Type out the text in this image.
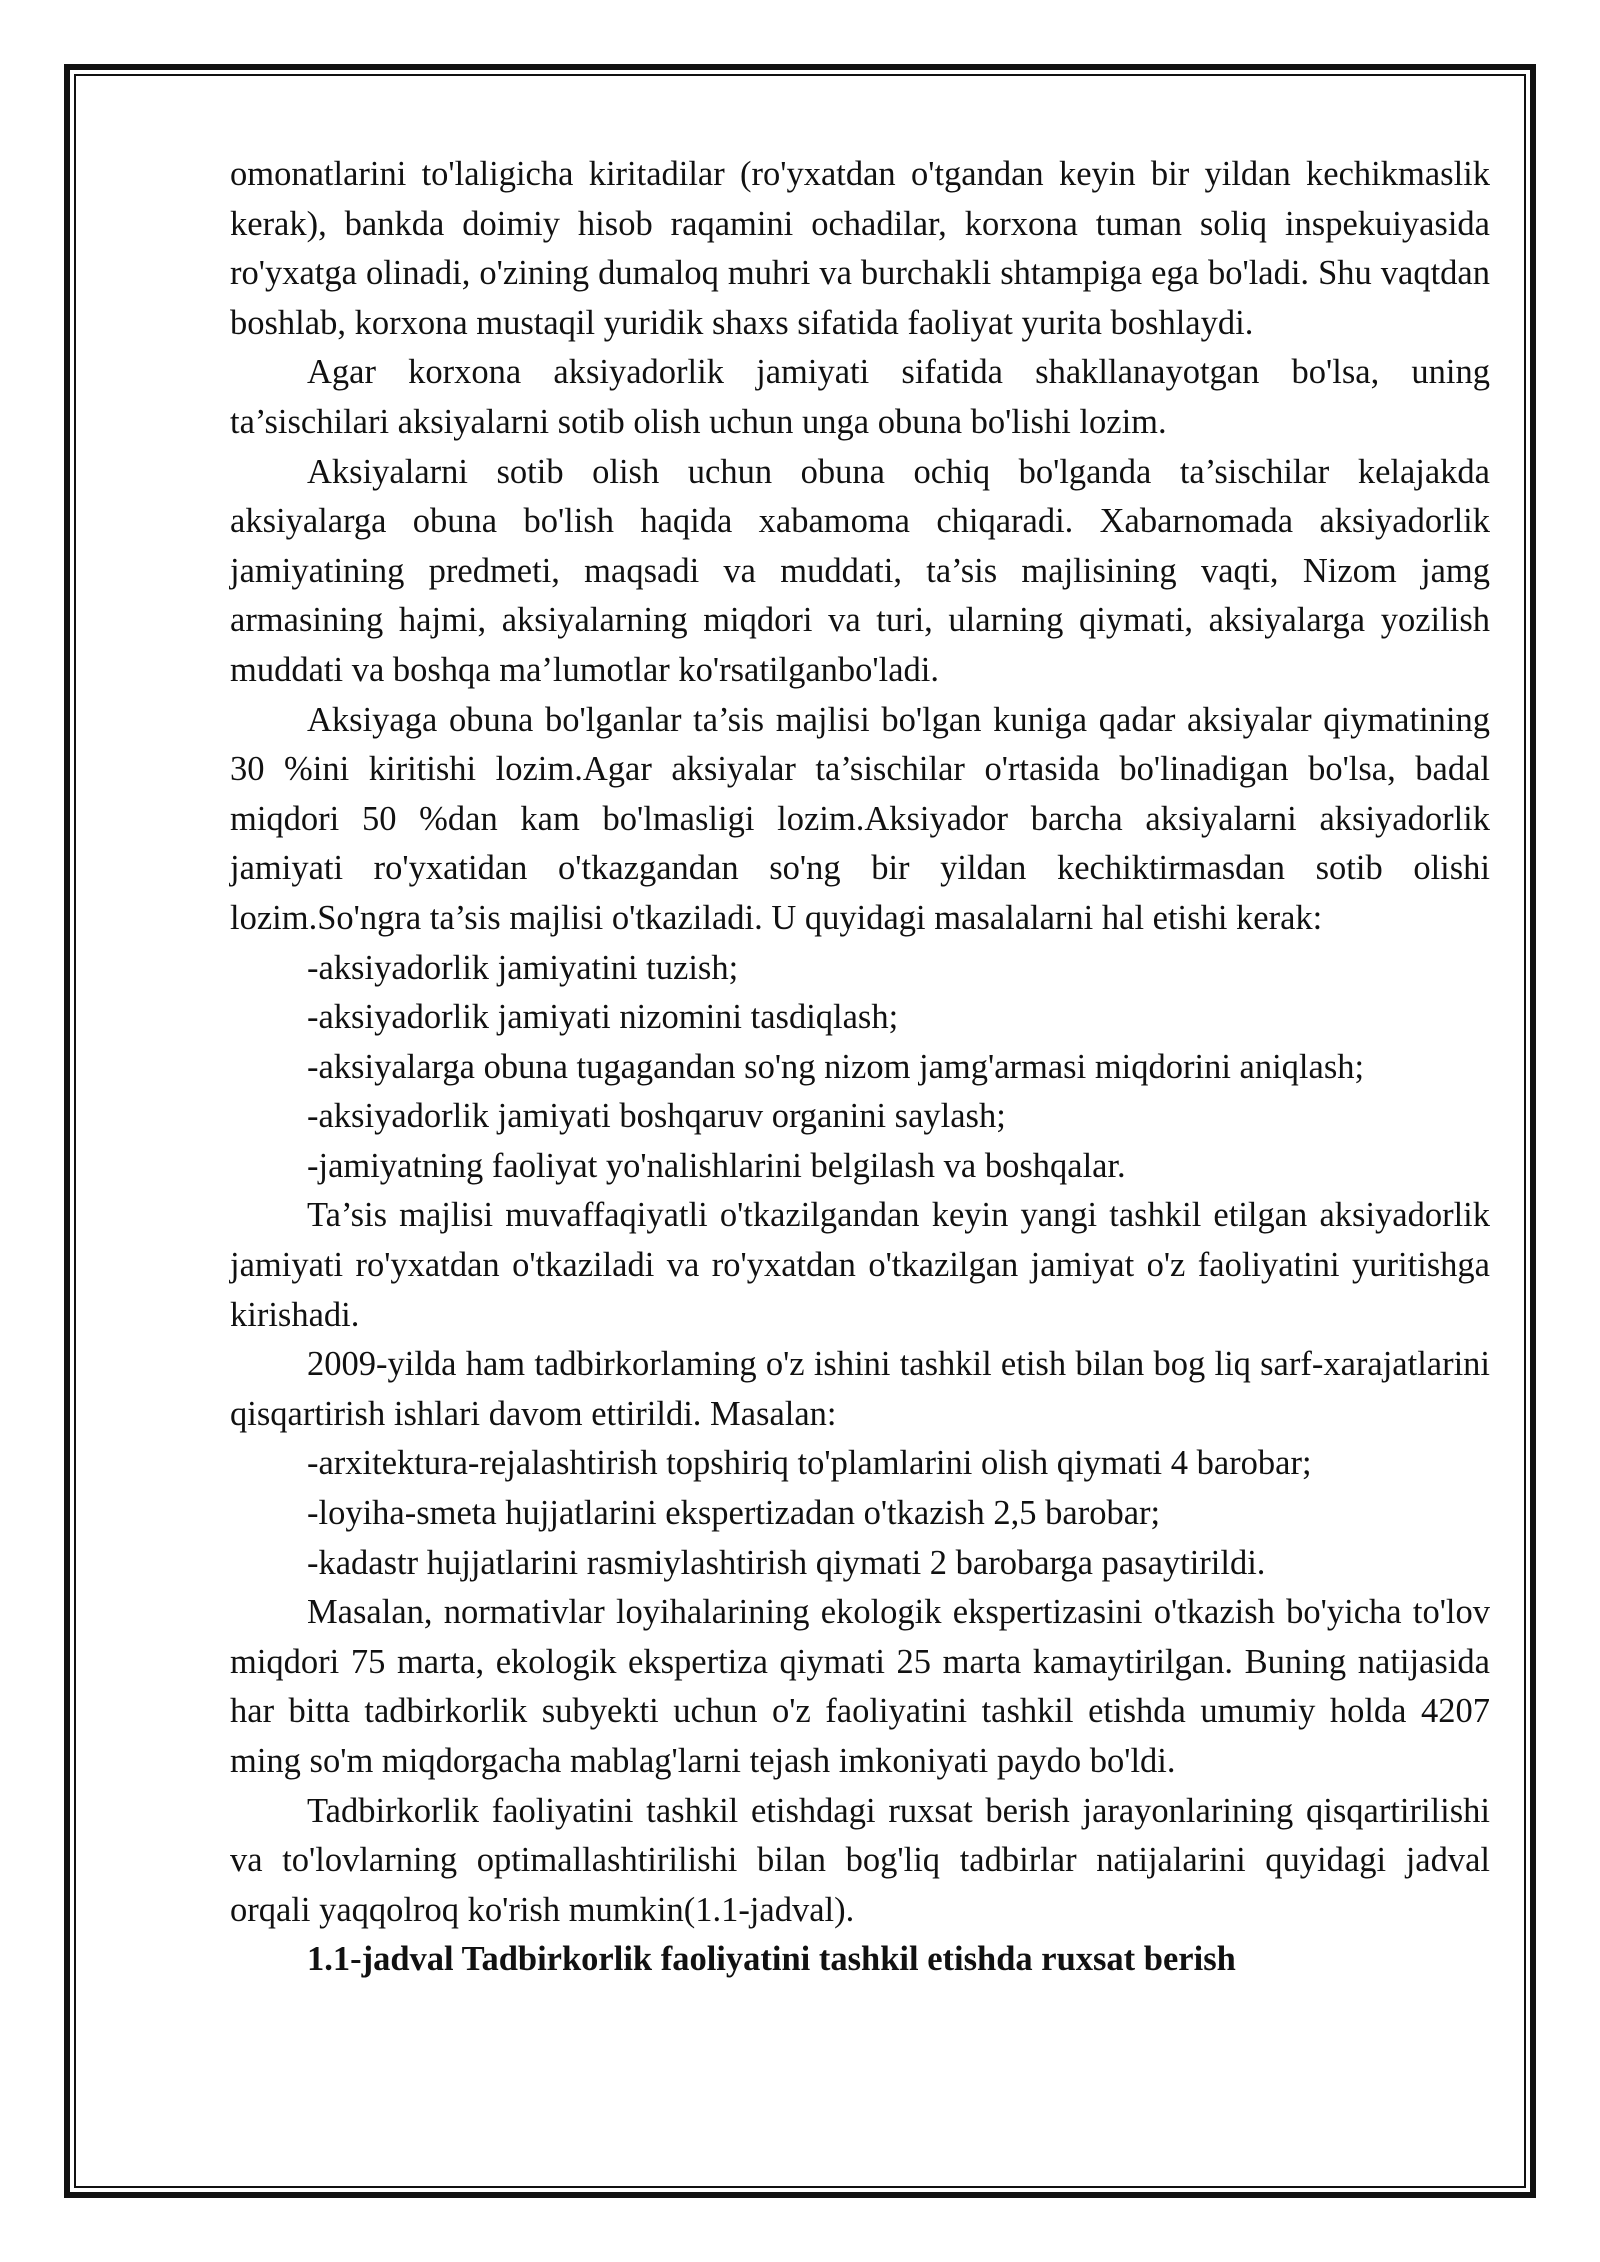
omonatlarini to'laligicha kiritadilar (ro'yxatdan o'tgandan keyin bir yildan kechikmaslik kerak), bankda doimiy hisob raqamini ochadilar, korxona tuman soliq inspekuiyasida ro'yxatga olinadi, o'zining dumaloq muhri va burchakli shtampiga ega bo'ladi. Shu vaqtdan boshlab, korxona mustaqil yuridik shaxs sifatida faoliyat yurita boshlaydi.

Agar korxona aksiyadorlik jamiyati sifatida shakllanayotgan bo'lsa, uning ta’sischilari aksiyalarni sotib olish uchun unga obuna bo'lishi lozim.

Aksiyalarni sotib olish uchun obuna ochiq bo'lganda ta’sischilar kelajakda aksiyalarga obuna bo'lish haqida xabamoma chiqaradi. Xabarnomada aksiyadorlik jamiyatining predmeti, maqsadi va muddati, ta’sis majlisining vaqti, Nizom jamg armasining hajmi, aksiyalarning miqdori va turi, ularning qiymati, aksiyalarga yozilish muddati va boshqa ma’lumotlar ko'rsatilganbo'ladi.

Aksiyaga obuna bo'lganlar ta’sis majlisi bo'lgan kuniga qadar aksiyalar qiymatining 30 %ini kiritishi lozim.Agar aksiyalar ta’sischilar o'rtasida bo'linadigan bo'lsa, badal miqdori 50 %dan kam bo'lmasligi lozim.Aksiyador barcha aksiyalarni aksiyadorlik jamiyati ro'yxatidan o'tkazgandan so'ng bir yildan kechiktirmasdan sotib olishi lozim.So'ngra ta’sis majlisi o'tkaziladi. U quyidagi masalalarni hal etishi kerak:

-aksiyadorlik jamiyatini tuzish;

-aksiyadorlik jamiyati nizomini tasdiqlash;

-aksiyalarga obuna tugagandan so'ng nizom jamg'armasi miqdorini aniqlash;

-aksiyadorlik jamiyati boshqaruv organini saylash;

-jamiyatning faoliyat yo'nalishlarini belgilash va boshqalar.

Ta’sis majlisi muvaffaqiyatli o'tkazilgandan keyin yangi tashkil etilgan aksiyadorlik jamiyati ro'yxatdan o'tkaziladi va ro'yxatdan o'tkazilgan jamiyat o'z faoliyatini yuritishga kirishadi.

2009-yilda ham tadbirkorlaming o'z ishini tashkil etish bilan bog liq sarf-xarajatlarini qisqartirish ishlari davom ettirildi. Masalan:

-arxitektura-rejalashtirish topshiriq to'plamlarini olish qiymati 4 barobar;

-loyiha-smeta hujjatlarini ekspertizadan o'tkazish 2,5 barobar;

-kadastr hujjatlarini rasmiylashtirish qiymati 2 barobarga pasaytirildi.

Masalan, normativlar loyihalarining ekologik ekspertizasini o'tkazish bo'yicha to'lov miqdori 75 marta, ekologik ekspertiza qiymati 25 marta kamaytirilgan. Buning natijasida har bitta tadbirkorlik subyekti uchun o'z faoliyatini tashkil etishda umumiy holda 4207 ming so'm miqdorgacha mablag'larni tejash imkoniyati paydo bo'ldi.

Tadbirkorlik faoliyatini tashkil etishdagi ruxsat berish jarayonlarining qisqartirilishi va to'lovlarning optimallashtirilishi bilan bog'liq tadbirlar natijalarini quyidagi jadval orqali yaqqolroq ko'rish mumkin(1.1-jadval).

1.1-jadval Tadbirkorlik faoliyatini tashkil etishda ruxsat berish
